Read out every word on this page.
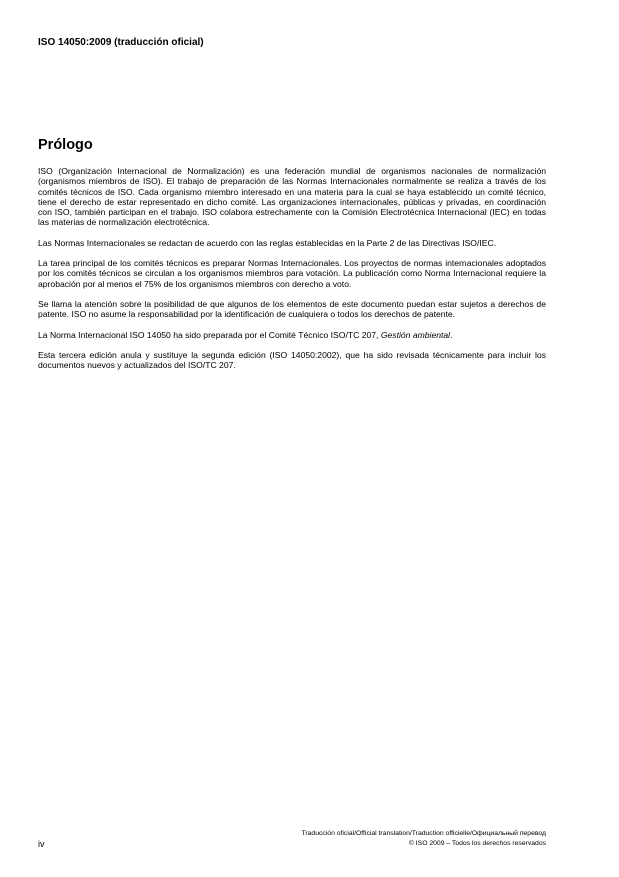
ISO 14050:2009 (traducción oficial)
Prólogo

ISO (Organización Internacional de Normalización) es una federación mundial de organismos nacionales de normalización (organismos miembros de ISO). El trabajo de preparación de las Normas Internacionales normalmente se realiza a través de los comités técnicos de ISO. Cada organismo miembro interesado en una materia para la cual se haya establecido un comité técnico, tiene el derecho de estar representado en dicho comité. Las organizaciones internacionales, públicas y privadas, en coordinación con ISO, también participan en el trabajo. ISO colabora estrechamente con la Comisión Electrotécnica Internacional (IEC) en todas las materias de normalización electrotécnica.

Las Normas Internacionales se redactan de acuerdo con las reglas establecidas en la Parte 2 de las Directivas ISO/IEC.

La tarea principal de los comités técnicos es preparar Normas Internacionales. Los proyectos de normas internacionales adoptados por los comités técnicos se circulan a los organismos miembros para votación. La publicación como Norma Internacional requiere la aprobación por al menos el 75% de los organismos miembros con derecho a voto.

Se llama la atención sobre la posibilidad de que algunos de los elementos de este documento puedan estar sujetos a derechos de patente. ISO no asume la responsabilidad por la identificación de cualquiera o todos los derechos de patente.

La Norma Internacional ISO 14050 ha sido preparada por el Comité Técnico ISO/TC 207, Gestión ambiental.

Esta tercera edición anula y sustituye la segunda edición (ISO 14050:2002), que ha sido revisada técnicamente para incluir los documentos nuevos y actualizados del ISO/TC 207.

iv
Traducción oficial/Official translation/Traduction officielle/Официальный перевод
© ISO 2009 – Todos los derechos reservados
